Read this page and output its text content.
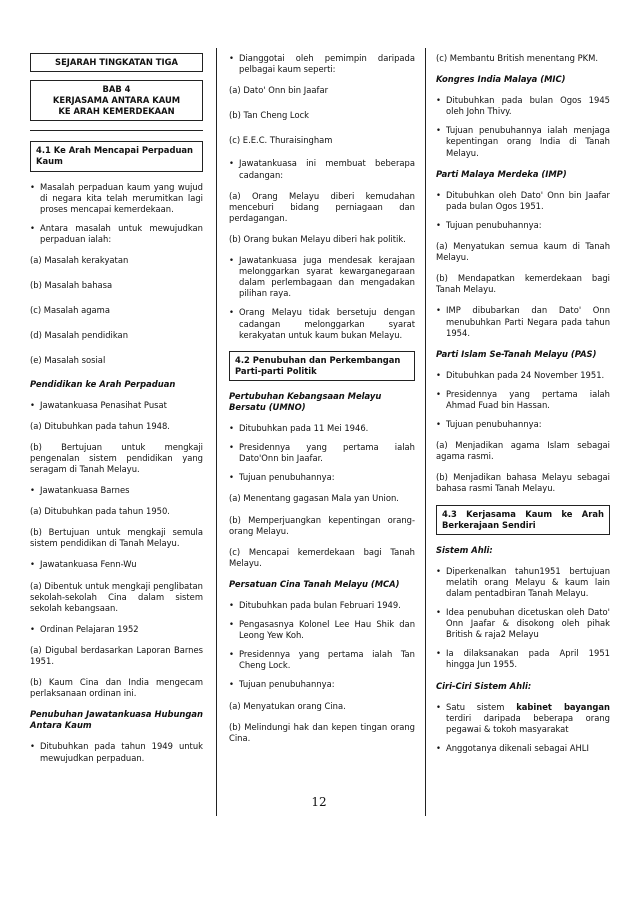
SEJARAH TINGKATAN TIGA
BAB 4
KERJASAMA ANTARA KAUM
KE ARAH KEMERDEKAAN
4.1 Ke Arah Mencapai Perpaduan Kaum
• Masalah perpaduan kaum yang wujud di negara kita telah merumitkan lagi proses mencapai kemerdekaan.
• Antara masalah untuk mewujudkan perpaduan ialah:

(a) Masalah kerakyatan

(b) Masalah bahasa

(c) Masalah agama

(d) Masalah pendidikan

(e) Masalah sosial

Pendidikan ke Arah Perpaduan
• Jawatankuasa Penasihat Pusat

(a) Ditubuhkan pada tahun 1948.

(b) Bertujuan untuk mengkaji pengenalan sistem pendidikan yang seragam di Tanah Melayu.

• Jawatankuasa Barnes

(a) Ditubuhkan pada tahun 1950.

(b) Bertujuan untuk mengkaji semula sistem pendidikan di Tanah Melayu.

• Jawatankuasa Fenn-Wu

(a) Dibentuk untuk mengkaji penglibatan sekolah-sekolah Cina dalam sistem sekolah kebangsaan.

• Ordinan Pelajaran 1952

(a) Digubal berdasarkan Laporan Barnes 1951.

(b) Kaum Cina dan India mengecam perlaksanaan ordinan ini.

Penubuhan Jawatankuasa Hubungan Antara Kaum
• Ditubuhkan pada tahun 1949 untuk mewujudkan perpaduan.
• Dianggotai oleh pemimpin daripada pelbagai kaum seperti:

(a) Dato' Onn bin Jaafar

(b) Tan Cheng Lock

(c) E.E.C. Thuraisingham

• Jawatankuasa ini membuat beberapa cadangan:

(a) Orang Melayu diberi kemudahan menceburi bidang perniagaan dan perdagangan.

(b) Orang bukan Melayu diberi hak politik.

• Jawatankuasa juga mendesak kerajaan melonggarkan syarat kewarganegaraan dalam perlembagaan dan mengadakan pilihan raya.
• Orang Melayu tidak bersetuju dengan cadangan melonggarkan syarat kerakyatan untuk kaum bukan Melayu.
4.2 Penubuhan dan Perkembangan Parti-parti Politik
Pertubuhan Kebangsaan Melayu Bersatu (UMNO)
• Ditubuhkan pada 11 Mei 1946.
• Presidennya yang pertama ialah Dato'Onn bin Jaafar.
• Tujuan penubuhannya:

(a) Menentang gagasan Mala yan Union.

(b) Memperjuangkan kepentingan orang-orang Melayu.

(c) Mencapai kemerdekaan bagi Tanah Melayu.

Persatuan Cina Tanah Melayu (MCA)
• Ditubuhkan pada bulan Februari 1949.
• Pengasasnya Kolonel Lee Hau Shik dan Leong Yew Koh.
• Presidennya yang pertama ialah Tan Cheng Lock.
• Tujuan penubuhannya:

(a) Menyatukan orang Cina.

(b) Melindungi hak dan kepen tingan orang Cina.

(c) Membantu British menentang PKM.

Kongres India Malaya (MIC)
• Ditubuhkan pada bulan Ogos 1945 oleh John Thivy.
• Tujuan penubuhannya ialah menjaga kepentingan orang India di Tanah Melayu.
Parti Malaya Merdeka (IMP)
• Ditubuhkan oleh Dato' Onn bin Jaafar pada bulan Ogos 1951.
• Tujuan penubuhannya:

(a) Menyatukan semua kaum di Tanah Melayu.

(b) Mendapatkan kemerdekaan bagi Tanah Melayu.

• IMP dibubarkan dan Dato' Onn menubuhkan Parti Negara pada tahun 1954.
Parti Islam Se-Tanah Melayu (PAS)
• Ditubuhkan pada 24 November 1951.
• Presidennya yang pertama ialah Ahmad Fuad bin Hassan.
• Tujuan penubuhannya:

(a) Menjadikan agama Islam sebagai agama rasmi.

(b) Menjadikan bahasa Melayu sebagai bahasa rasmi Tanah Melayu.

4.3 Kerjasama Kaum ke Arah Berkerajaan Sendiri
Sistem Ahli:
• Diperkenalkan tahun1951 bertujuan melatih orang Melayu & kaum lain dalam pentadbiran Tanah Melayu.
• Idea penubuhan dicetuskan oleh Dato' Onn Jaafar & disokong oleh pihak British & raja2 Melayu
• Ia dilaksanakan pada April 1951 hingga Jun 1955.
Ciri-Ciri Sistem Ahli:
• Satu sistem kabinet bayangan terdiri daripada beberapa orang pegawai & tokoh masyarakat
• Anggotanya dikenali sebagai AHLI
12
